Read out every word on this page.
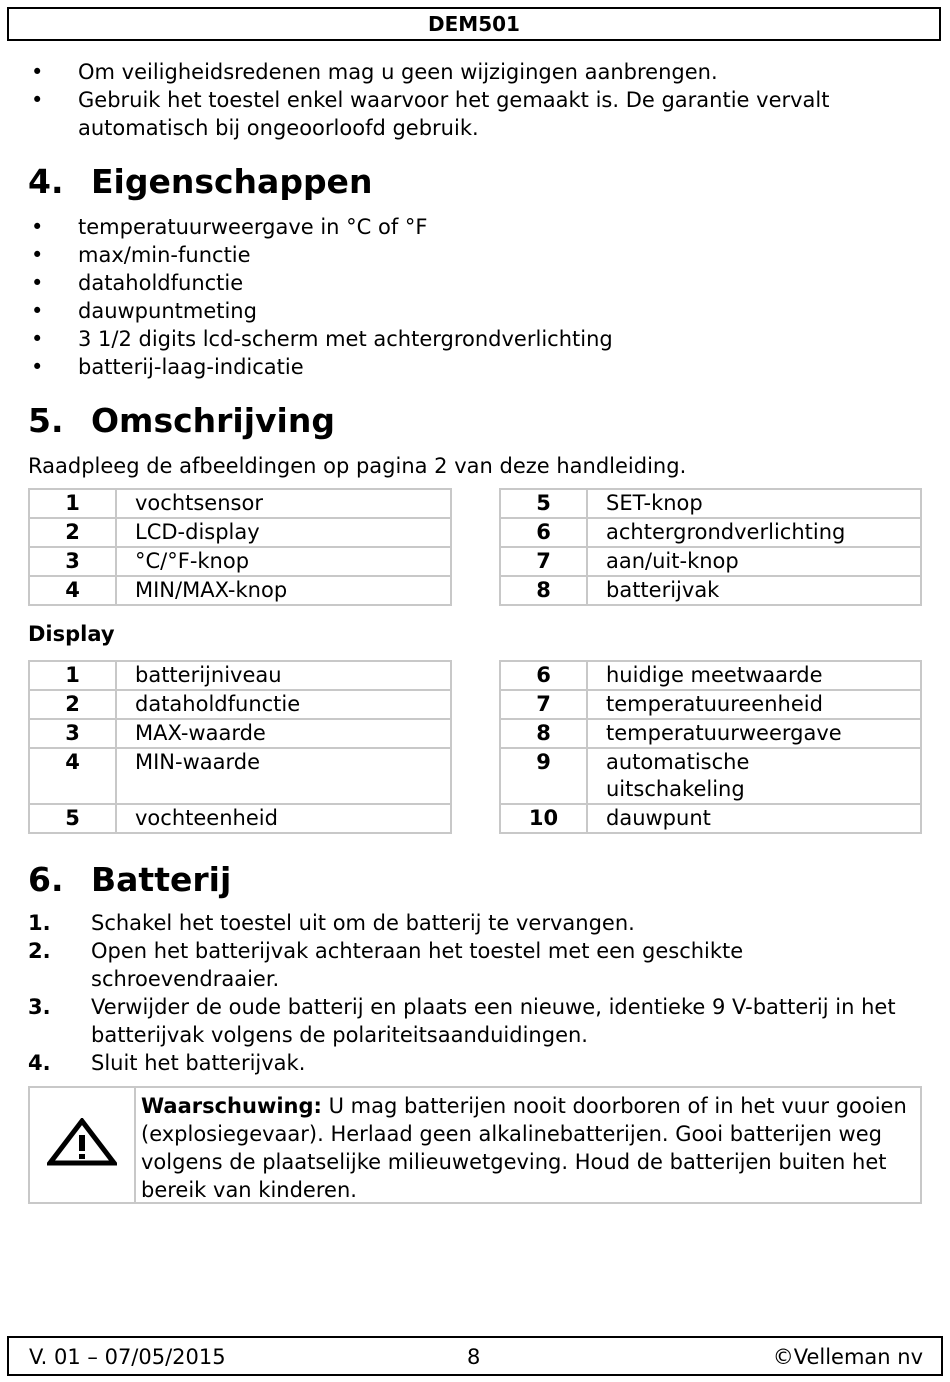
DEM501
• Om veiligheidsredenen mag u geen wijzigingen aanbrengen.
• Gebruik het toestel enkel waarvoor het gemaakt is. De garantie vervalt automatisch bij ongeoorloofd gebruik.
4. Eigenschappen
• temperatuurweergave in °C of °F
• max/min-functie
• dataholdfunctie
• dauwpuntmeting
• 3 1/2 digits lcd-scherm met achtergrondverlichting
• batterij-laag-indicatie
5. Omschrijving
Raadpleeg de afbeeldingen op pagina 2 van deze handleiding.
1	vochtsensor
2	LCD-display
3	°C/°F-knop
4	MIN/MAX-knop
5	SET-knop
6	achtergrondverlichting
7	aan/uit-knop
8	batterijvak
Display
1	batterijniveau
2	dataholdfunctie
3	MAX-waarde
4	MIN-waarde
5	vochteenheid
6	huidige meetwaarde
7	temperatuureenheid
8	temperatuurweergave
9	automatische uitschakeling
10	dauwpunt
6. Batterij
1. Schakel het toestel uit om de batterij te vervangen.
2. Open het batterijvak achteraan het toestel met een geschikte schroevendraaier.
3. Verwijder de oude batterij en plaats een nieuwe, identieke 9 V-batterij in het batterijvak volgens de polariteitsaanduidingen.
4. Sluit het batterijvak.
Waarschuwing: U mag batterijen nooit doorboren of in het vuur gooien (explosiegevaar). Herlaad geen alkalinebatterijen. Gooi batterijen weg volgens de plaatselijke milieuwetgeving. Houd de batterijen buiten het bereik van kinderen.
V. 01 – 07/05/2015	8	©Velleman nv
